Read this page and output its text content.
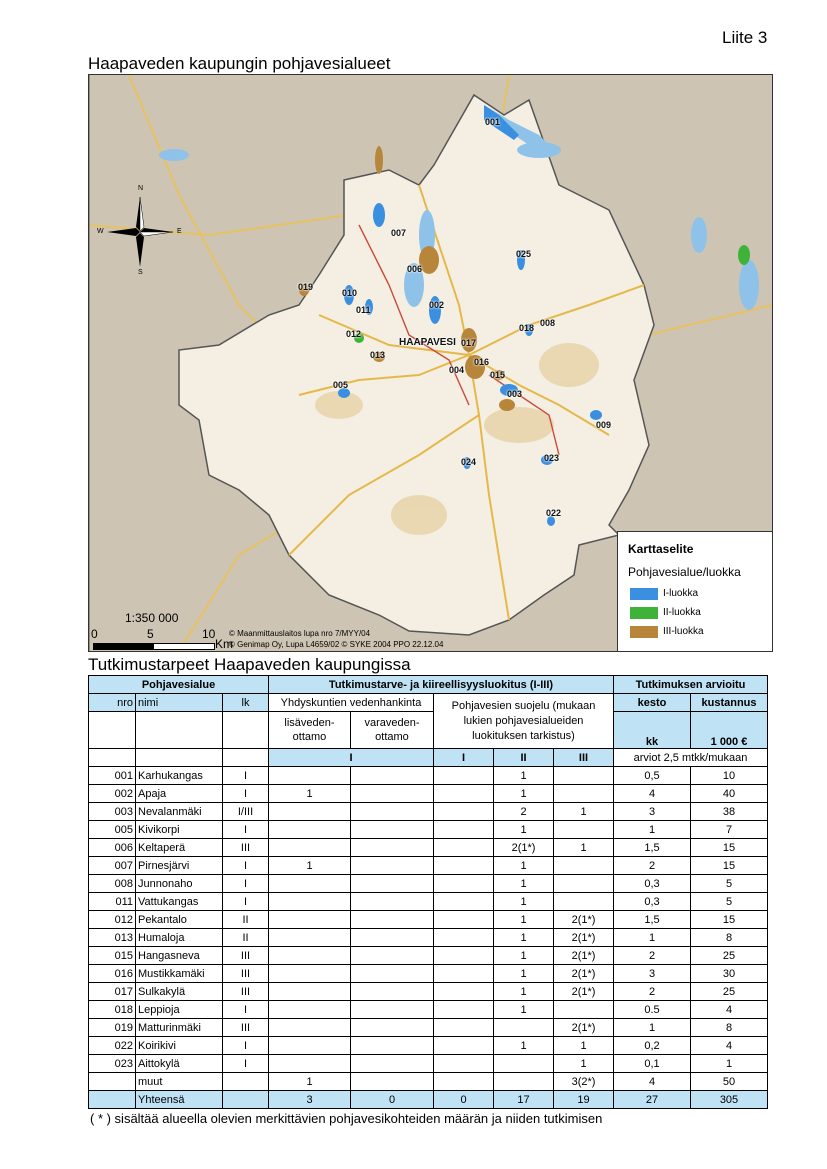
Liite 3
Haapaveden kaupungin pohjavesialueet
N
S
W	E
001
025
007
006
019
010
011	002
012
008
018
017
013
016
004	015
003
005
009
024	023
022
HAAPAVESI
Karttaselite
Pohjavesialue/luokka
I-luokka
II-luokka
III-luokka
1:350 000
0	5	10
Km
© Maanmittauslaitos lupa nro 7/MYY/04
© Genimap Oy, Lupa L4659/02 © SYKE 2004 PPO 22.12.04
Tutkimustarpeet Haapaveden kaupungissa
Pohjavesialue			Tutkimustarve- ja kiireellisyysluokitus (I-III)					Tutkimuksen arvioitu	
nro	nimi	lk	Yhdyskuntien vedenhankinta		Pohjavesien suojelu (mukaan lukien pohjavesialueiden luokituksen tarkistus)			kesto	kustannus
			lisäveden-ottamo	varaveden-ottamo				kk	1 000 €
			I		I	II	III	arviot 2,5 mtkk/mukaan	
001	Karhukangas	I				1		0,5	10
002	Apaja	I	1			1		4	40
003	Nevalanmäki	I/III				2	1	3	38
005	Kivikorpi	I				1		1	7
006	Keltaperä	III				2(1*)	1	1,5	15
007	Pirnesjärvi	I	1			1		2	15
008	Junnonaho	I				1		0,3	5
011	Vattukangas	I				1		0,3	5
012	Pekantalo	II				1	2(1*)	1,5	15
013	Humaloja	II				1	2(1*)	1	8
015	Hangasneva	III				1	2(1*)	2	25
016	Mustikkamäki	III				1	2(1*)	3	30
017	Sulkakylä	III				1	2(1*)	2	25
018	Leppioja	I				1		0.5	4
019	Matturinmäki	III					2(1*)	1	8
022	Koirikivi	I				1	1	0,2	4
023	Aittokylä	I					1	0,1	1
	muut		1				3(2*)	4	50
	Yhteensä		3	0	0	17	19	27	305
( * ) sisältää alueella olevien merkittävien pohjavesikohteiden määrän ja niiden tutkimisen
